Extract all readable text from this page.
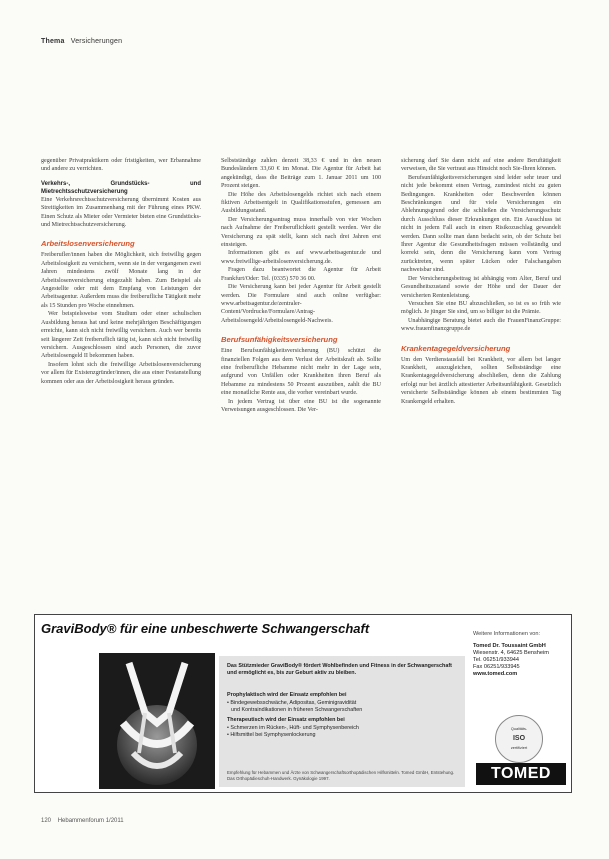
Thema Versicherungen

gegenüber Privatpraktikern oder fristigkeiten, wer Erbannahme und andere zu verrichten.

Verkehrs-, Grundstücks- und Mietrechtsschutzversicherung

Eine Verkehrsrechtsschutzversicherung übernimmt Kosten aus Streitigkeiten im Zusammenhang mit der Führung eines PKW. Einen Schutz als Mieter oder Vermieter bieten eine Grundstücks- und Mietrechtsschutzversicherung.

Arbeitslosenversicherung

Freiberufler/innen haben die Möglichkeit, sich freiwillig gegen Arbeitslosigkeit zu versichern, wenn sie in der vergangenen zwei Jahren mindestens zwölf Monate lang in der Arbeitslosenversicherung eingezahlt haben. Zum Beispiel als Angestellte oder mit dem Empfang von Leistungen der Arbeitsagentur. Außerdem muss die freiberufliche Tätigkeit mehr als 15 Stunden pro Woche einnehmen.

Wer beispielsweise vom Studium oder einer schulischen Ausbildung heraus hat und keine mehrjährigen Beschäftigungen erreichte, kann sich nicht freiwillig versichern. Auch wer bereits seit längerer Zeit freiberuflich tätig ist, kann sich nicht freiwillig versichern. Ausgeschlossen sind auch Personen, die zuvor Arbeitslosengeld II bekommen haben.

Insofern lohnt sich die freiwillige Arbeitslosenversicherung vor allem für Existenzgründer/innen, die aus einer Festanstellung kommen oder aus der Arbeitslosigkeit heraus gründen.

Selbstständige zahlen derzeit 38,33 € und in den neuen Bundesländern 33,60 € im Monat. Die Agentur für Arbeit hat angekündigt, dass die Beiträge zum 1. Januar 2011 um 100 Prozent steigen.

Die Höhe des Arbeitslosengelds richtet sich nach einem fiktiven Arbeitsentgelt in Qualifikationsstufen, gemessen am Ausbildungsstand.

Der Versicherungsantrag muss innerhalb von vier Wochen nach Aufnahme der Freiberuflichkeit gestellt werden. Wer die Versicherung zu spät stellt, kann sich nach drei Jahren erst einsteigen.

Informationen gibt es auf www.arbeitsagentur.de und www.freiwillige-arbeitslosenversicherung.de.

Fragen dazu beantwortet die Agentur für Arbeit Frankfurt/Oder: Tel. (0335) 570 36 00.

Die Versicherung kann bei jeder Agentur für Arbeit gestellt werden. Die Formulare sind auch online verfügbar: www.arbeitsagentur.de/zentraler-Content/Vordrucke/Formulare/Antrag-Arbeitslosengeld/Arbeitslosengeld-Nachweis.

Berufsunfähigkeitsversicherung

Eine Berufsunfähigkeitsversicherung (BU) schützt die finanziellen Folgen aus dem Verlust der Arbeitskraft ab. Sollte eine freiberufliche Hebamme nicht mehr in der Lage sein, aufgrund von Unfällen oder Krankheiten ihren Beruf als Hebamme zu mindestens 50 Prozent auszuüben, zahlt die BU eine monatliche Rente aus, die vorher vereinbart wurde.

In jedem Vertrag ist über eine BU ist die sogenannte Verweisungen ausgeschlossen. Die Ver-

sicherung darf Sie dann nicht auf eine andere Beruftätigkeit verweisen, die Sie vertraut aus Hinsicht noch Sie-Ihren können.

Berufsunfähigkeitsversicherungen sind leider sehr teuer und nicht jede bekommt einen Vertrag, zumindest nicht zu guten Bedingungen. Krankheiten oder Beschwerden können Beschränkungen und für viele Versicherungen ein Ablehnungsgrund oder die schließen die Versicherungsschutz durch Ausschluss dieser Erkrankungen ein. Ein Ausschluss ist nicht in jedem Fall auch in einen Risikozuschlag gewandelt werden. Dann sollte man dann bedacht sein, ob der Schutz bei Ihrer Agentur die Gesundheitsfragen müssen vollständig und korrekt sein, denn die Versicherung kann vom Vertrag zurücktreten, wenn später Lücken oder Falschangaben nachweisbar sind.

Der Versicherungsbeitrag ist abhängig vom Alter, Beruf und Gesundheitszustand sowie der Höhe und der Dauer der versicherten Rentenleistung.

Versuchen Sie eine BU abzuschließen, so ist es so früh wie möglich. Je jünger Sie sind, um so billiger ist die Prämie.

Unabhängige Beratung bietet auch die FrauenFinanzGruppe: www.frauenfinanzgruppe.de

Krankentagegeldversicherung

Um den Verdienstausfall bei Krankheit, vor allem bei langer Krankheit, auszugleichen, sollten Selbstständige eine Krankentagegeldversicherung abschließen, denn die Zahlung erfolgt nur bei ärztlich attestierter Arbeitsunfähigkeit. Gesetzlich versicherte Selbstständige können ab einem bestimmten Tag Krankengeld erhalten.

GraviBody® für eine unbeschwerte Schwangerschaft
Das Stützmieder GraviBody® fördert Wohlbefinden und Fitness in der Schwangerschaft und ermöglicht es, bis zur Geburt aktiv zu bleiben.
Prophylaktisch wird der Einsatz empfohlen bei
• Bindegewebsschwäche, Adipositas, Geminigravidität
und Kontraindikationen in früheren Schwangerschaften
Therapeutisch wird der Einsatz empfohlen bei
• Schmerzen im Rücken-, Hüft- und Symphysenbereich
• Hilfsmittel bei Symphysenlockerung
Empfehlung für Hebammen und Ärzte von Schwangerschaftsorthopädischen Hilfsmitteln. Tomed GmbH, Entstehung. Das Orthopädieschuh-Handwerk. Gynäkologie 1997.
Weitere Informationen von:
Tomed Dr. Toussaint GmbH
Wiesenstr. 4, 64625 Bensheim
Tel. 06251/933944
Fax 06251/933945
www.tomed.com
Qualitäts-
ISO
zertifiziert
TOMED
120 Hebammenforum 1/2011
